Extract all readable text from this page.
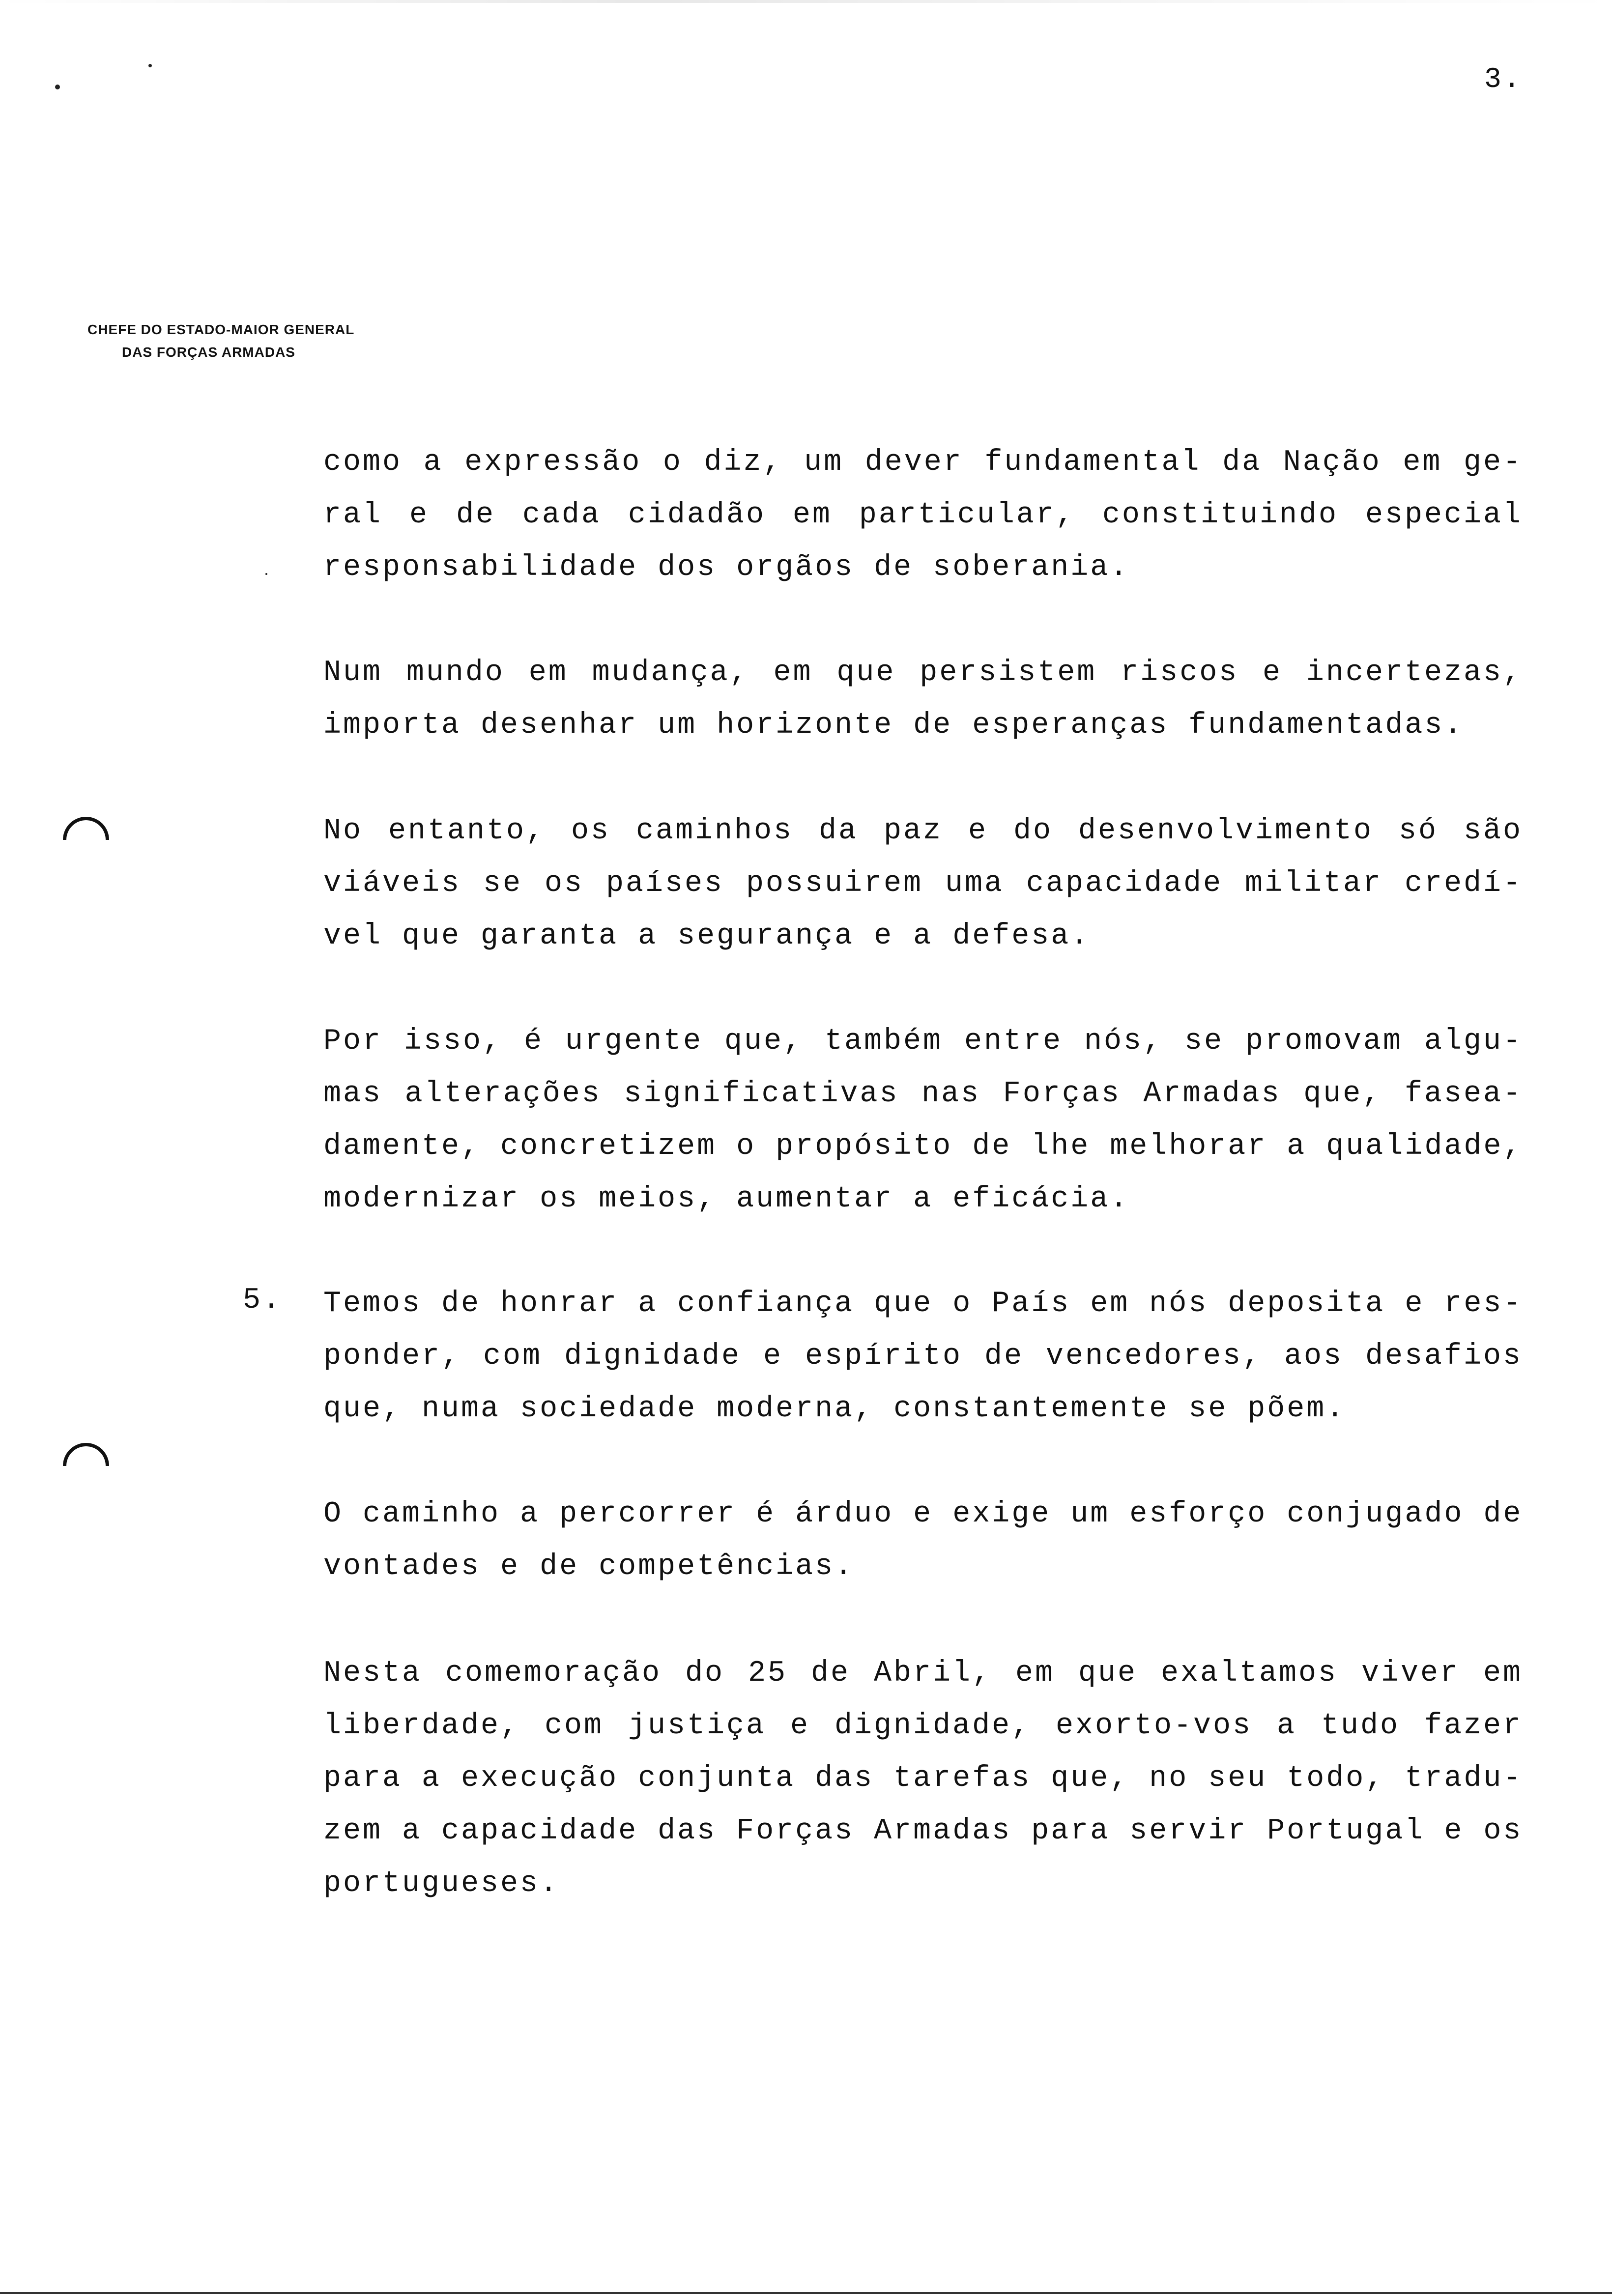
3.
CHEFE DO ESTADO-MAIOR GENERAL
DAS FORÇAS ARMADAS

como a expressão o diz, um dever fundamental da Nação em ge-
ral e de cada cidadão em particular, constituindo especial
responsabilidade dos orgãos de soberania.

Num mundo em mudança, em que persistem riscos e incertezas,
importa desenhar um horizonte de esperanças fundamentadas.

No entanto, os caminhos da paz e do desenvolvimento só são
viáveis se os países possuirem uma capacidade militar credí-
vel que garanta a segurança e a defesa.

Por isso, é urgente que, também entre nós, se promovam algu-
mas alterações significativas nas Forças Armadas que, fasea-
damente, concretizem o propósito de lhe melhorar a qualidade,
modernizar os meios, aumentar a eficácia.

5. Temos de honrar a confiança que o País em nós deposita e res-
ponder, com dignidade e espírito de vencedores, aos desafios
que, numa sociedade moderna, constantemente se põem.

O caminho a percorrer é árduo e exige um esforço conjugado de
vontades e de competências.

Nesta comemoração do 25 de Abril, em que exaltamos viver em
liberdade, com justiça e dignidade, exorto-vos a tudo fazer
para a execução conjunta das tarefas que, no seu todo, tradu-
zem a capacidade das Forças Armadas para servir Portugal e os
portugueses.
